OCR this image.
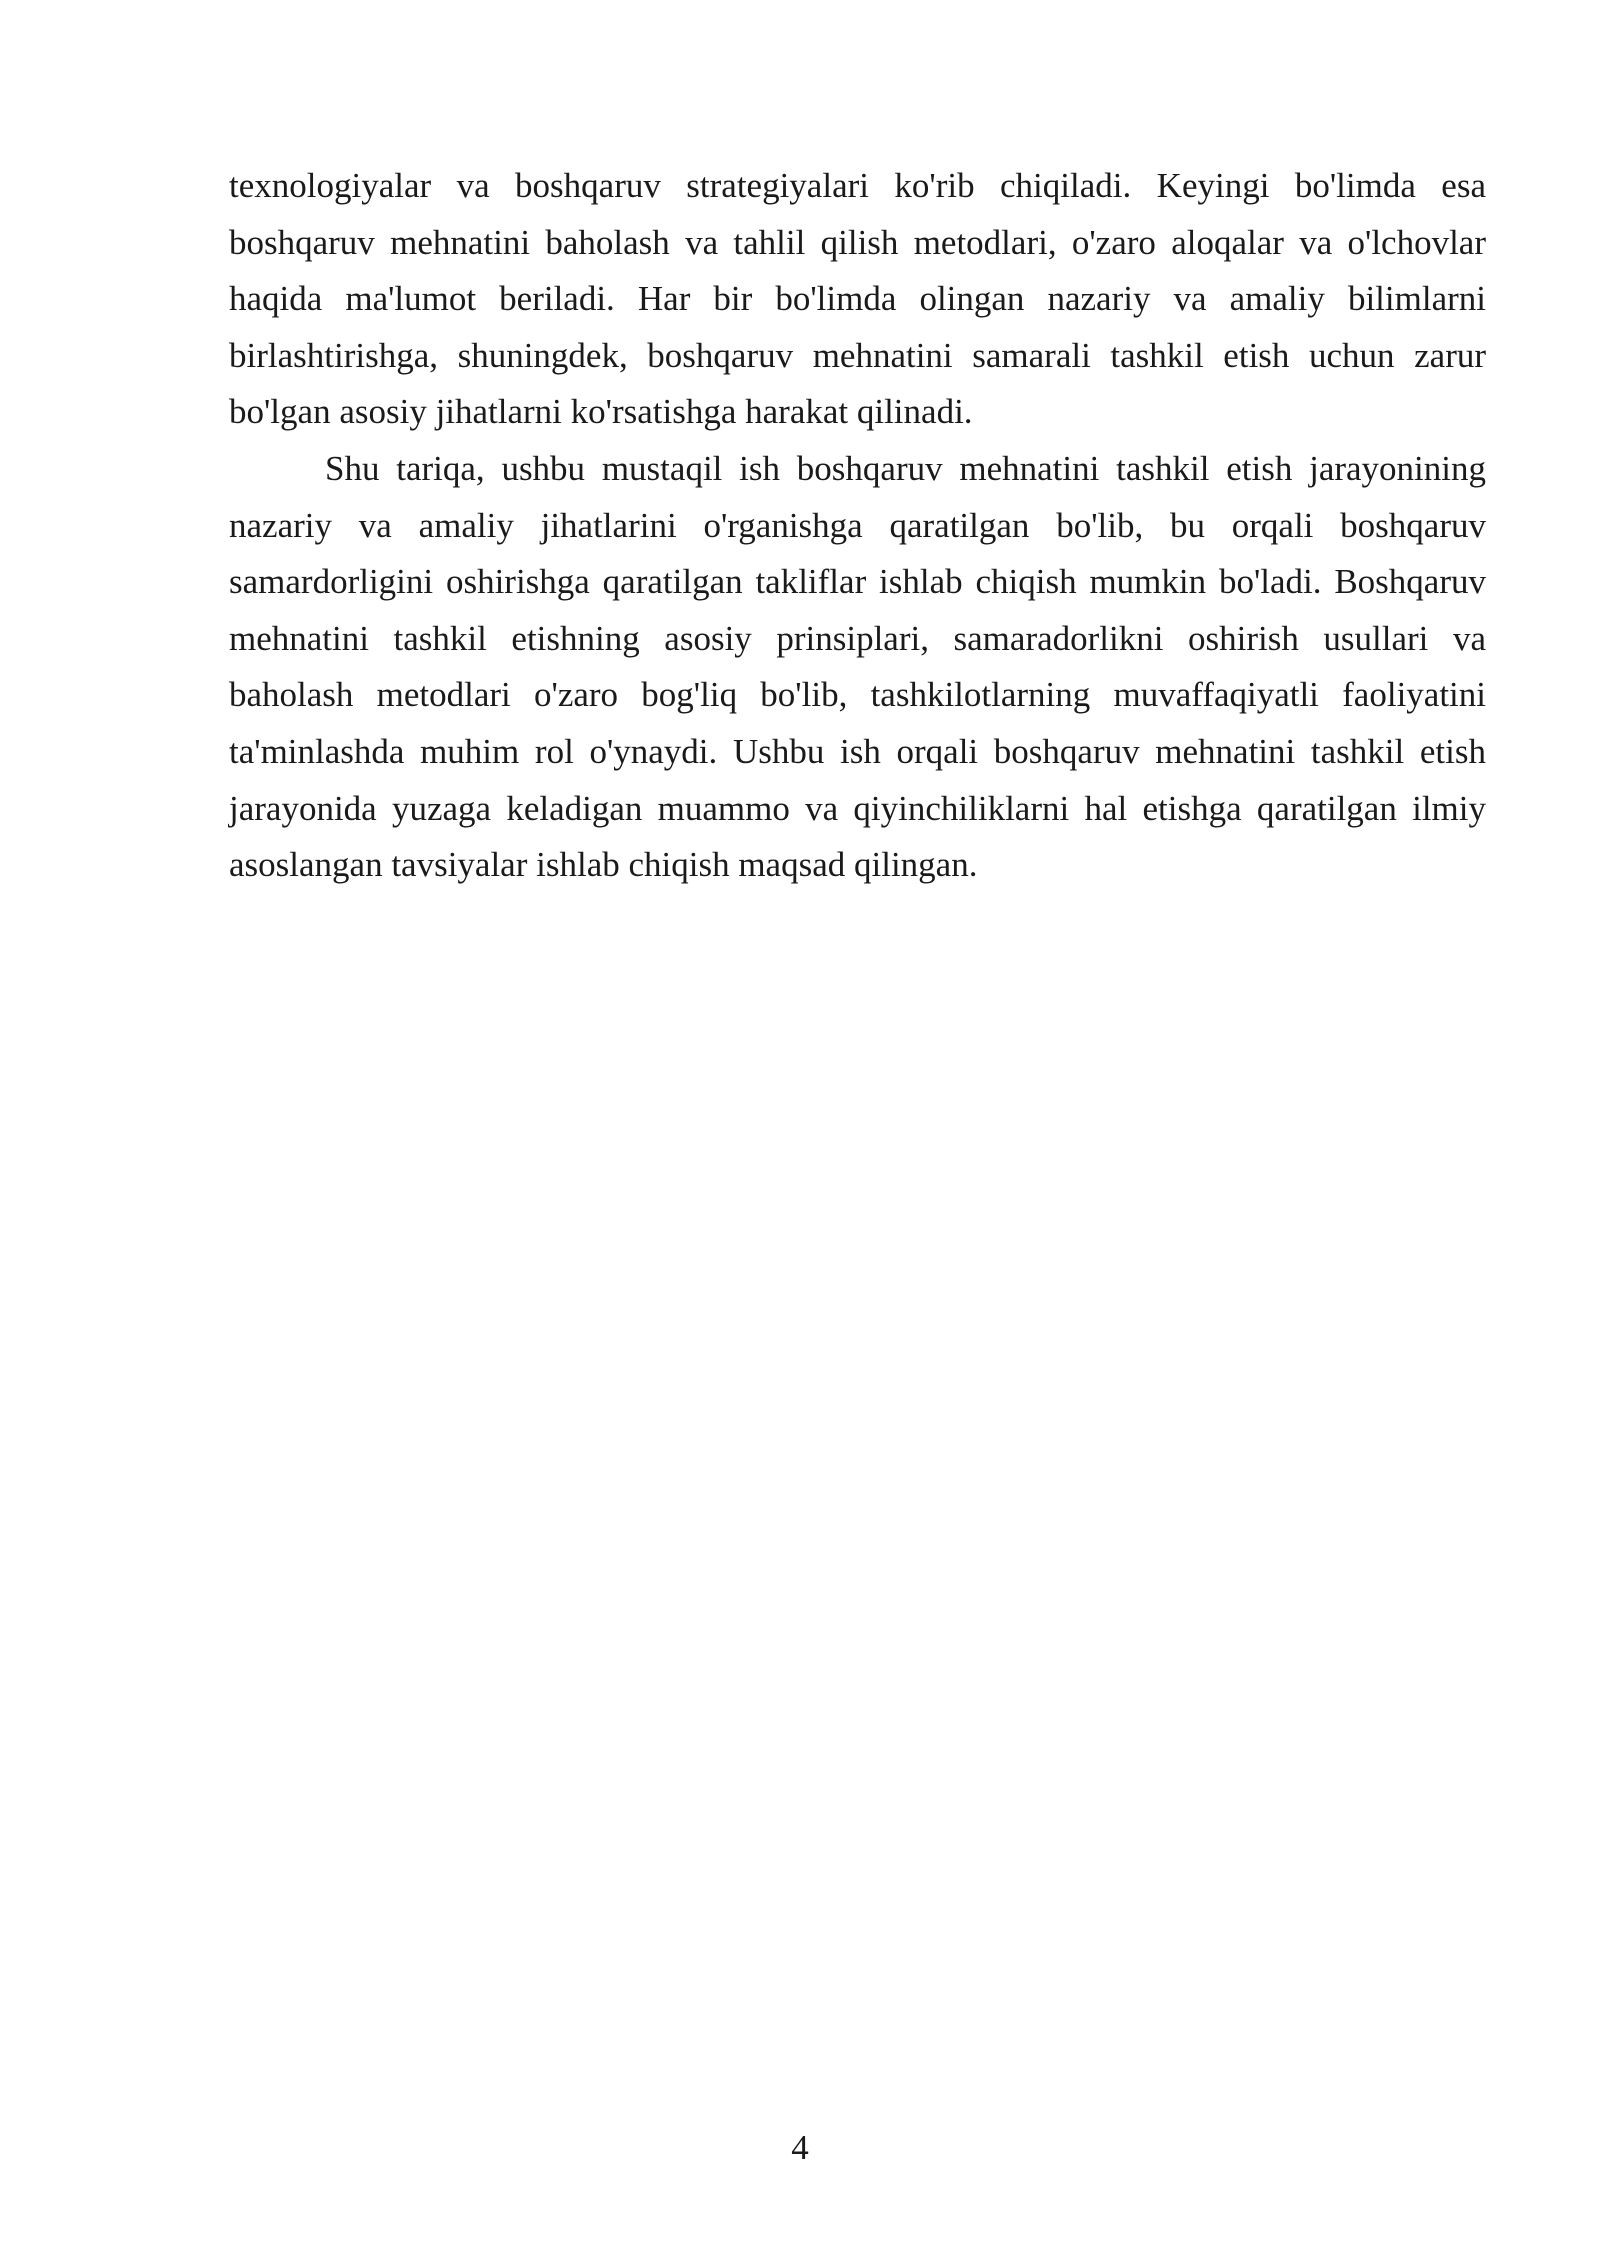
texnologiyalar va boshqaruv strategiyalari ko'rib chiqiladi. Keyingi bo'limda esa boshqaruv mehnatini baholash va tahlil qilish metodlari, o'zaro aloqalar va o'lchovlar haqida ma'lumot beriladi. Har bir bo'limda olingan nazariy va amaliy bilimlarni birlashtirishga, shuningdek, boshqaruv mehnatini samarali tashkil etish uchun zarur bo'lgan asosiy jihatlarni ko'rsatishga harakat qilinadi.

Shu tariqa, ushbu mustaqil ish boshqaruv mehnatini tashkil etish jarayonining nazariy va amaliy jihatlarini o'rganishga qaratilgan bo'lib, bu orqali boshqaruv samardorligini oshirishga qaratilgan takliflar ishlab chiqish mumkin bo'ladi. Boshqaruv mehnatini tashkil etishning asosiy prinsiplari, samaradorlikni oshirish usullari va baholash metodlari o'zaro bog'liq bo'lib, tashkilotlarning muvaffaqiyatli faoliyatini ta'minlashda muhim rol o'ynaydi. Ushbu ish orqali boshqaruv mehnatini tashkil etish jarayonida yuzaga keladigan muammo va qiyinchiliklarni hal etishga qaratilgan ilmiy asoslangan tavsiyalar ishlab chiqish maqsad qilingan.

4
